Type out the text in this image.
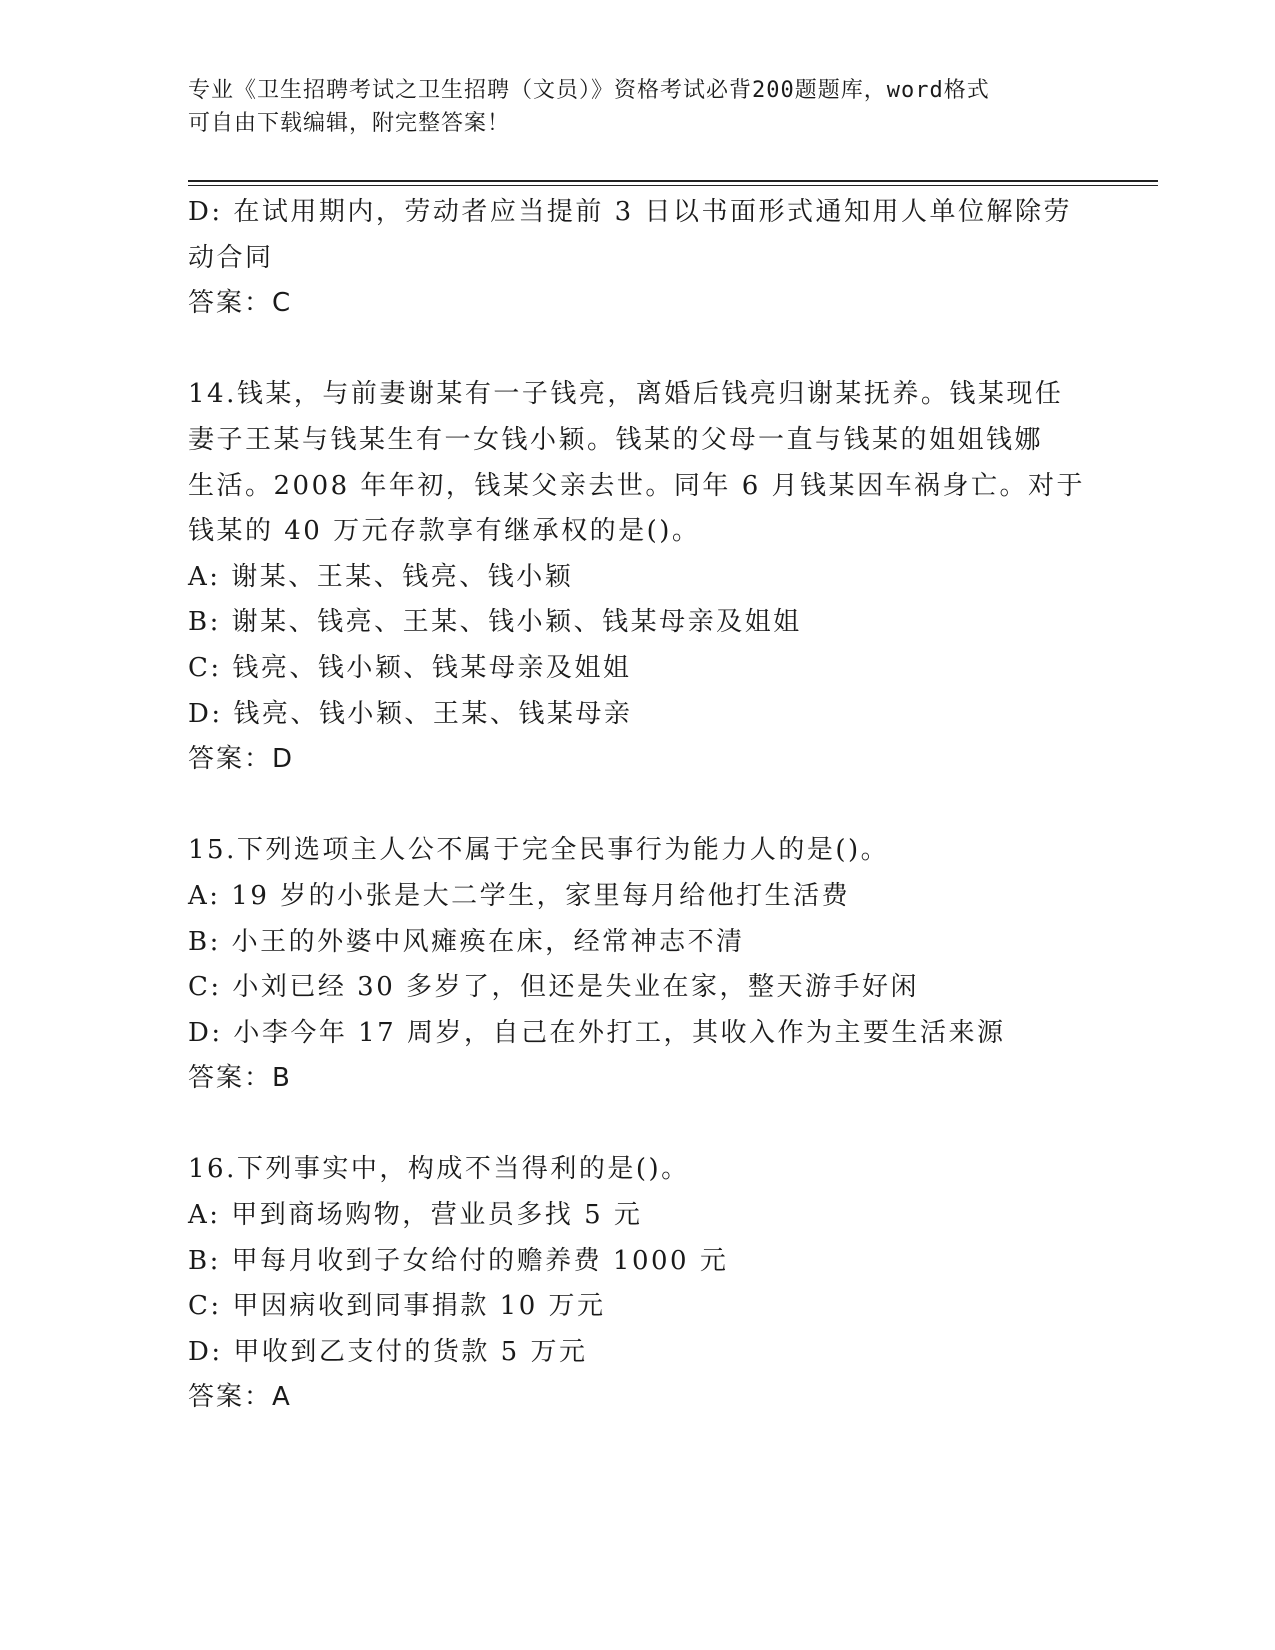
专业《卫生招聘考试之卫生招聘（文员）》资格考试必背200题题库，word格式
可自由下载编辑，附完整答案！
D: 在试用期内，劳动者应当提前 3 日以书面形式通知用人单位解除劳
动合同
答案：C
14.钱某，与前妻谢某有一子钱亮，离婚后钱亮归谢某抚养。钱某现任
妻子王某与钱某生有一女钱小颖。钱某的父母一直与钱某的姐姐钱娜
生活。2008 年年初，钱某父亲去世。同年 6 月钱某因车祸身亡。对于
钱某的 40 万元存款享有继承权的是()。
A: 谢某、王某、钱亮、钱小颖
B: 谢某、钱亮、王某、钱小颖、钱某母亲及姐姐
C: 钱亮、钱小颖、钱某母亲及姐姐
D: 钱亮、钱小颖、王某、钱某母亲
答案：D
15.下列选项主人公不属于完全民事行为能力人的是()。
A: 19 岁的小张是大二学生，家里每月给他打生活费
B: 小王的外婆中风瘫痪在床，经常神志不清
C: 小刘已经 30 多岁了，但还是失业在家，整天游手好闲
D: 小李今年 17 周岁，自己在外打工，其收入作为主要生活来源
答案：B
16.下列事实中，构成不当得利的是()。
A: 甲到商场购物，营业员多找 5 元
B: 甲每月收到子女给付的赡养费 1000 元
C: 甲因病收到同事捐款 10 万元
D: 甲收到乙支付的货款 5 万元
答案：A
